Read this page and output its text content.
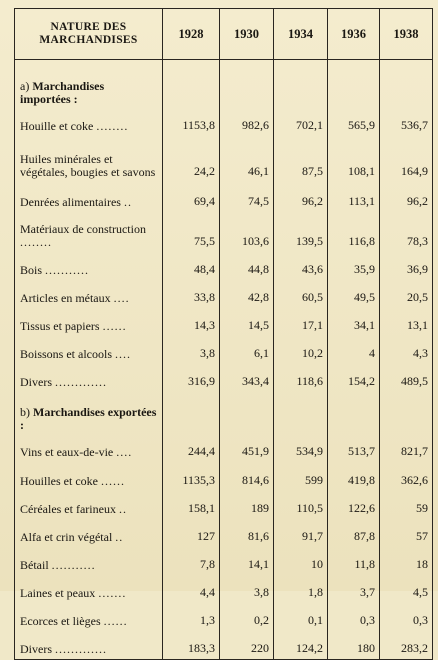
NATURE DES MARCHANDISES	1928	1930	1934	1936	1938
a) Marchandises importées :					
Houille et coke ........	1153,8	982,6	702,1	565,9	536,7
Huiles minérales et végétales, bougies et savons	24,2	46,1	87,5	108,1	164,9
Denrées alimentaires ..	69,4	74,5	96,2	113,1	96,2
Matériaux de construction ........	75,5	103,6	139,5	116,8	78,3
Bois ...........	48,4	44,8	43,6	35,9	36,9
Articles en métaux ....	33,8	42,8	60,5	49,5	20,5
Tissus et papiers ......	14,3	14,5	17,1	34,1	13,1
Boissons et alcools ....	3,8	6,1	10,2	4	4,3
Divers .............	316,9	343,4	118,6	154,2	489,5
b) Marchandises exportées :					
Vins et eaux-de-vie ....	244,4	451,9	534,9	513,7	821,7
Houilles et coke ......	1135,3	814,6	599	419,8	362,6
Céréales et farineux ..	158,1	189	110,5	122,6	59
Alfa et crin végétal ..	127	81,6	91,7	87,8	57
Bétail ...........	7,8	14,1	10	11,8	18
Laines et peaux .......	4,4	3,8	1,8	3,7	4,5
Ecorces et lièges ......	1,3	0,2	0,1	0,3	0,3
Divers .............	183,3	220	124,2	180	283,2
